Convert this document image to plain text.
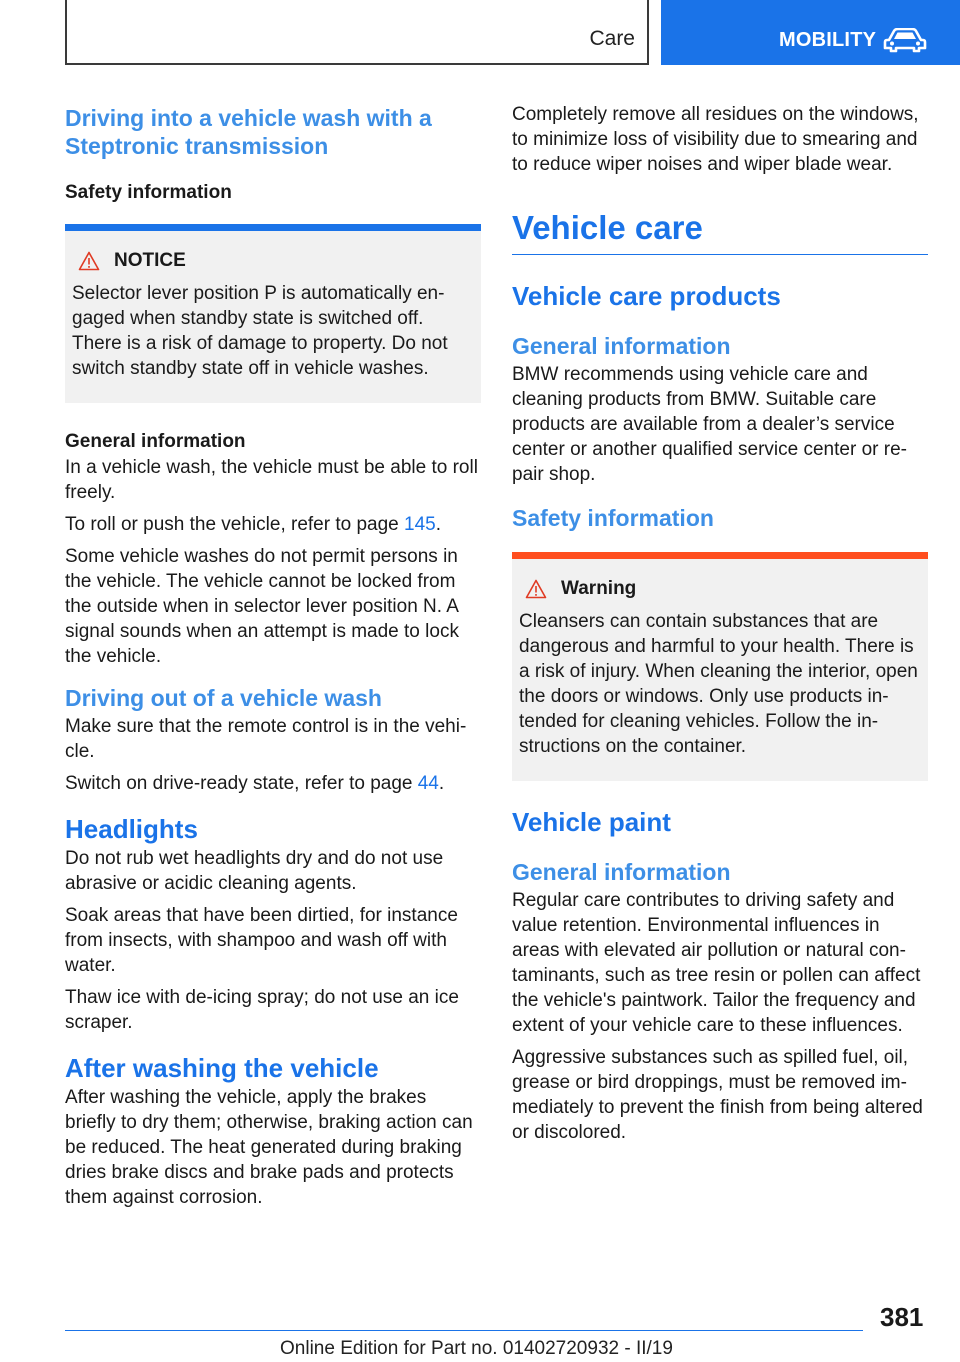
Care	MOBILITY
Driving into a vehicle wash with a Steptronic transmission
Safety information
NOTICE

Selector lever position P is automatically engaged when standby state is switched off. There is a risk of damage to property. Do not switch standby state off in vehicle washes.

General information

In a vehicle wash, the vehicle must be able to roll freely.

To roll or push the vehicle, refer to page 145.

Some vehicle washes do not permit persons in the vehicle. The vehicle cannot be locked from the outside when in selector lever position N. A signal sounds when an attempt is made to lock the vehicle.

Driving out of a vehicle wash

Make sure that the remote control is in the vehicle.

Switch on drive-ready state, refer to page 44.

Headlights

Do not rub wet headlights dry and do not use abrasive or acidic cleaning agents.

Soak areas that have been dirtied, for instance from insects, with shampoo and wash off with water.

Thaw ice with de-icing spray; do not use an ice scraper.

After washing the vehicle

After washing the vehicle, apply the brakes briefly to dry them; otherwise, braking action can be reduced. The heat generated during braking dries brake discs and brake pads and protects them against corrosion.

Completely remove all residues on the windows, to minimize loss of visibility due to smearing and to reduce wiper noises and wiper blade wear.

Vehicle care
Vehicle care products
General information

BMW recommends using vehicle care and cleaning products from BMW. Suitable care products are available from a dealer’s service center or another qualified service center or repair shop.

Safety information
Warning

Cleansers can contain substances that are dangerous and harmful to your health. There is a risk of injury. When cleaning the interior, open the doors or windows. Only use products intended for cleaning vehicles. Follow the instructions on the container.

Vehicle paint
General information

Regular care contributes to driving safety and value retention. Environmental influences in areas with elevated air pollution or natural contaminants, such as tree resin or pollen can affect the vehicle's paintwork. Tailor the frequency and extent of your vehicle care to these influences.

Aggressive substances such as spilled fuel, oil, grease or bird droppings, must be removed immediately to prevent the finish from being altered or discolored.

381
Online Edition for Part no. 01402720932 - II/19
